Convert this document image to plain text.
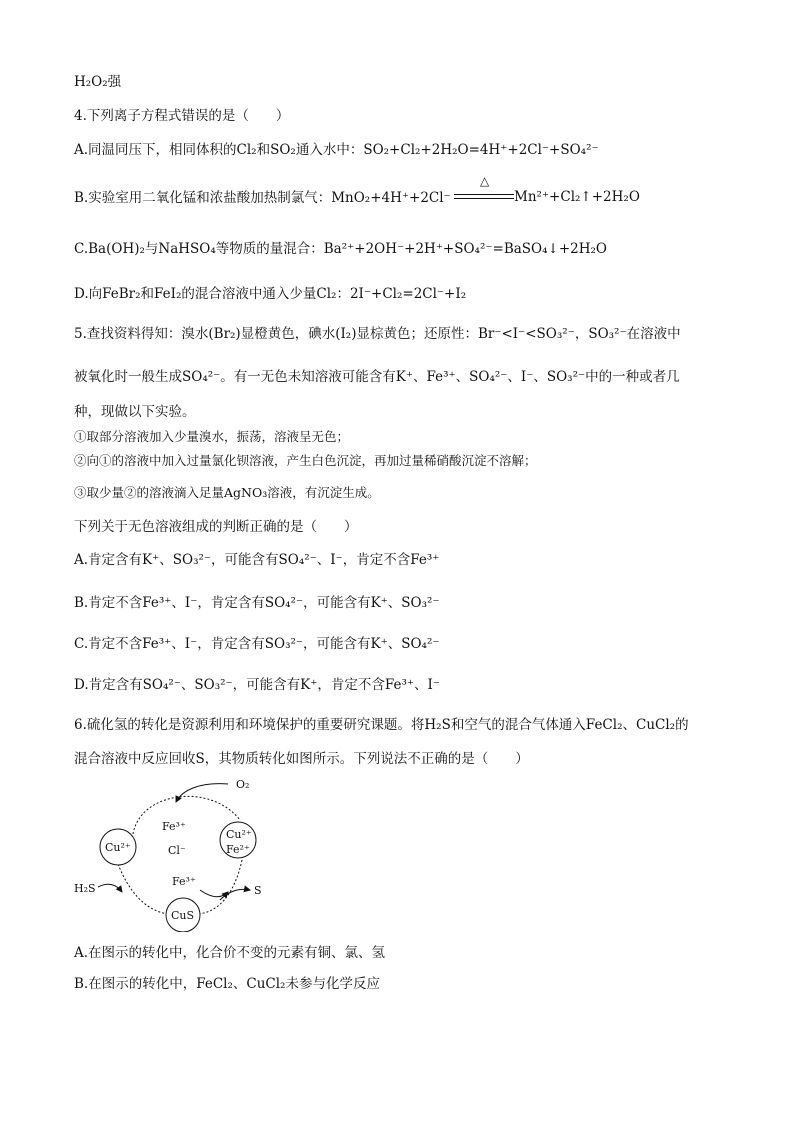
H₂O₂强
4.下列离子方程式错误的是（　　）
A.同温同压下，相同体积的Cl₂和SO₂通入水中：SO₂+Cl₂+2H₂O=4H⁺+2Cl⁻+SO₄²⁻
B.实验室用二氧化锰和浓盐酸加热制氯气：MnO₂+4H⁺+2Cl⁻
△
Mn²⁺+Cl₂↑+2H₂O
C.Ba(OH)₂与NaHSO₄等物质的量混合：Ba²⁺+2OH⁻+2H⁺+SO₄²⁻=BaSO₄↓+2H₂O
D.向FeBr₂和FeI₂的混合溶液中通入少量Cl₂：2I⁻+Cl₂=2Cl⁻+I₂
5.查找资料得知：溴水(Br₂)显橙黄色，碘水(I₂)显棕黄色；还原性：Br⁻<I⁻<SO₃²⁻，SO₃²⁻在溶液中
被氧化时一般生成SO₄²⁻。有一无色未知溶液可能含有K⁺、Fe³⁺、SO₄²⁻、I⁻、SO₃²⁻中的一种或者几
种，现做以下实验。
①取部分溶液加入少量溴水，振荡，溶液呈无色；
②向①的溶液中加入过量氯化钡溶液，产生白色沉淀，再加过量稀硝酸沉淀不溶解；
③取少量②的溶液滴入足量AgNO₃溶液，有沉淀生成。
下列关于无色溶液组成的判断正确的是（　　）
A.肯定含有K⁺、SO₃²⁻，可能含有SO₄²⁻、I⁻，肯定不含Fe³⁺
B.肯定不含Fe³⁺、I⁻，肯定含有SO₄²⁻，可能含有K⁺、SO₃²⁻
C.肯定不含Fe³⁺、I⁻，肯定含有SO₃²⁻，可能含有K⁺、SO₄²⁻
D.肯定含有SO₄²⁻、SO₃²⁻，可能含有K⁺，肯定不含Fe³⁺、I⁻
6.硫化氢的转化是资源利用和环境保护的重要研究课题。将H₂S和空气的混合气体通入FeCl₂、CuCl₂的
混合溶液中反应回收S，其物质转化如图所示。下列说法不正确的是（　　）
O₂
Fe³⁺
Cl⁻
Cu²⁺
Cu²⁺
Fe²⁺
Fe³⁺
H₂S	S
CuS
A.在图示的转化中，化合价不变的元素有铜、氯、氢
B.在图示的转化中，FeCl₂、CuCl₂未参与化学反应
